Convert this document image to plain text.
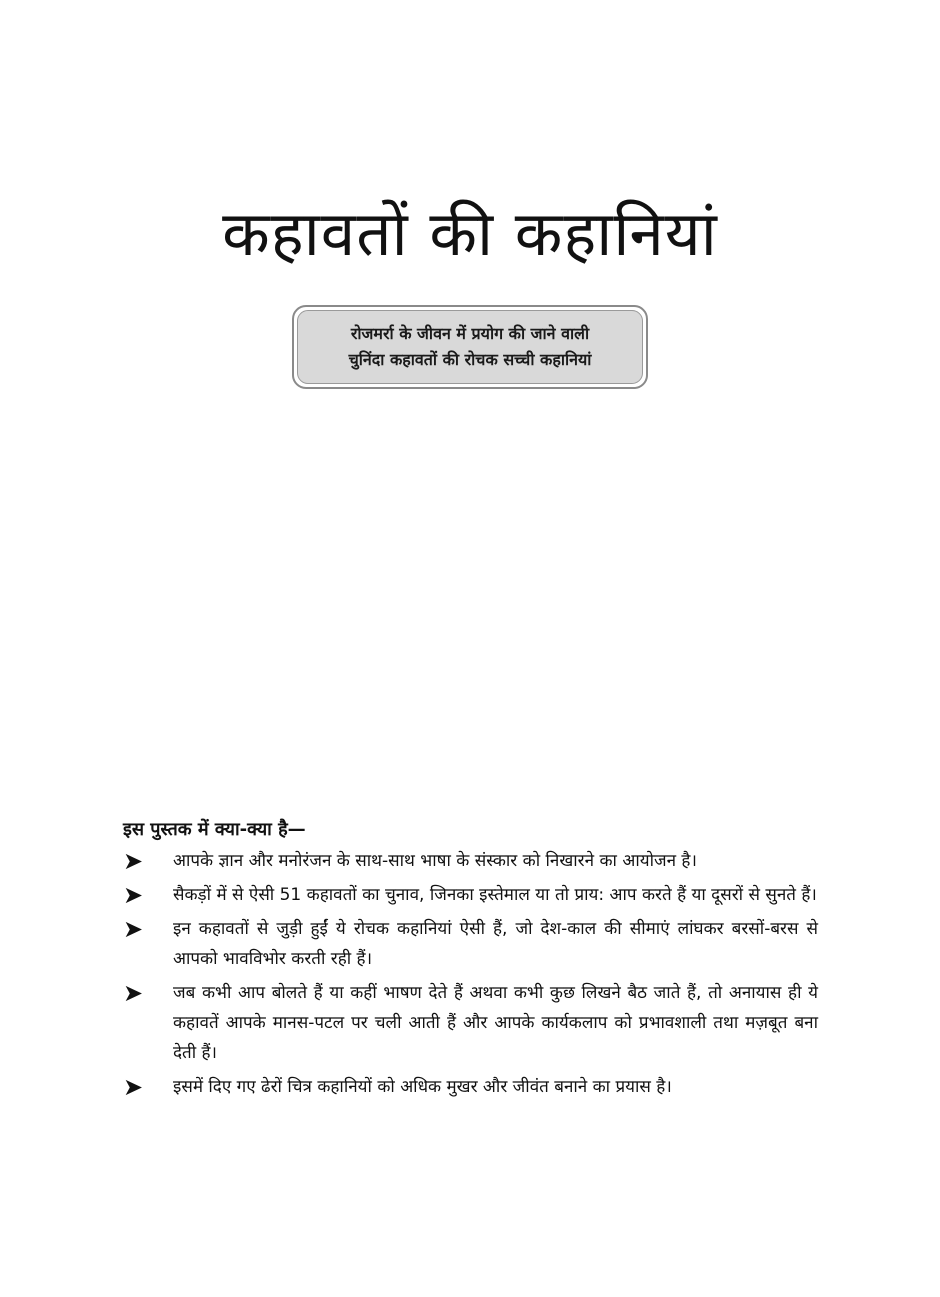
कहावतों की कहानियां
रोजमर्रा के जीवन में प्रयोग की जाने वाली
चुनिंदा कहावतों की रोचक सच्ची कहानियां
इस पुस्तक में क्या-क्या है—
➤ आपके ज्ञान और मनोरंजन के साथ-साथ भाषा के संस्कार को निखारने का आयोजन है।
➤ सैकड़ों में से ऐसी 51 कहावतों का चुनाव, जिनका इस्तेमाल या तो प्राय: आप करते हैं या दूसरों से सुनते हैं।
➤ इन कहावतों से जुड़ी हुईं ये रोचक कहानियां ऐसी हैं, जो देश-काल की सीमाएं लांघकर बरसों-बरस से आपको भावविभोर करती रही हैं।
➤ जब कभी आप बोलते हैं या कहीं भाषण देते हैं अथवा कभी कुछ लिखने बैठ जाते हैं, तो अनायास ही ये कहावतें आपके मानस-पटल पर चली आती हैं और आपके कार्यकलाप को प्रभावशाली तथा मज़बूत बना देती हैं।
➤ इसमें दिए गए ढेरों चित्र कहानियों को अधिक मुखर और जीवंत बनाने का प्रयास है।
